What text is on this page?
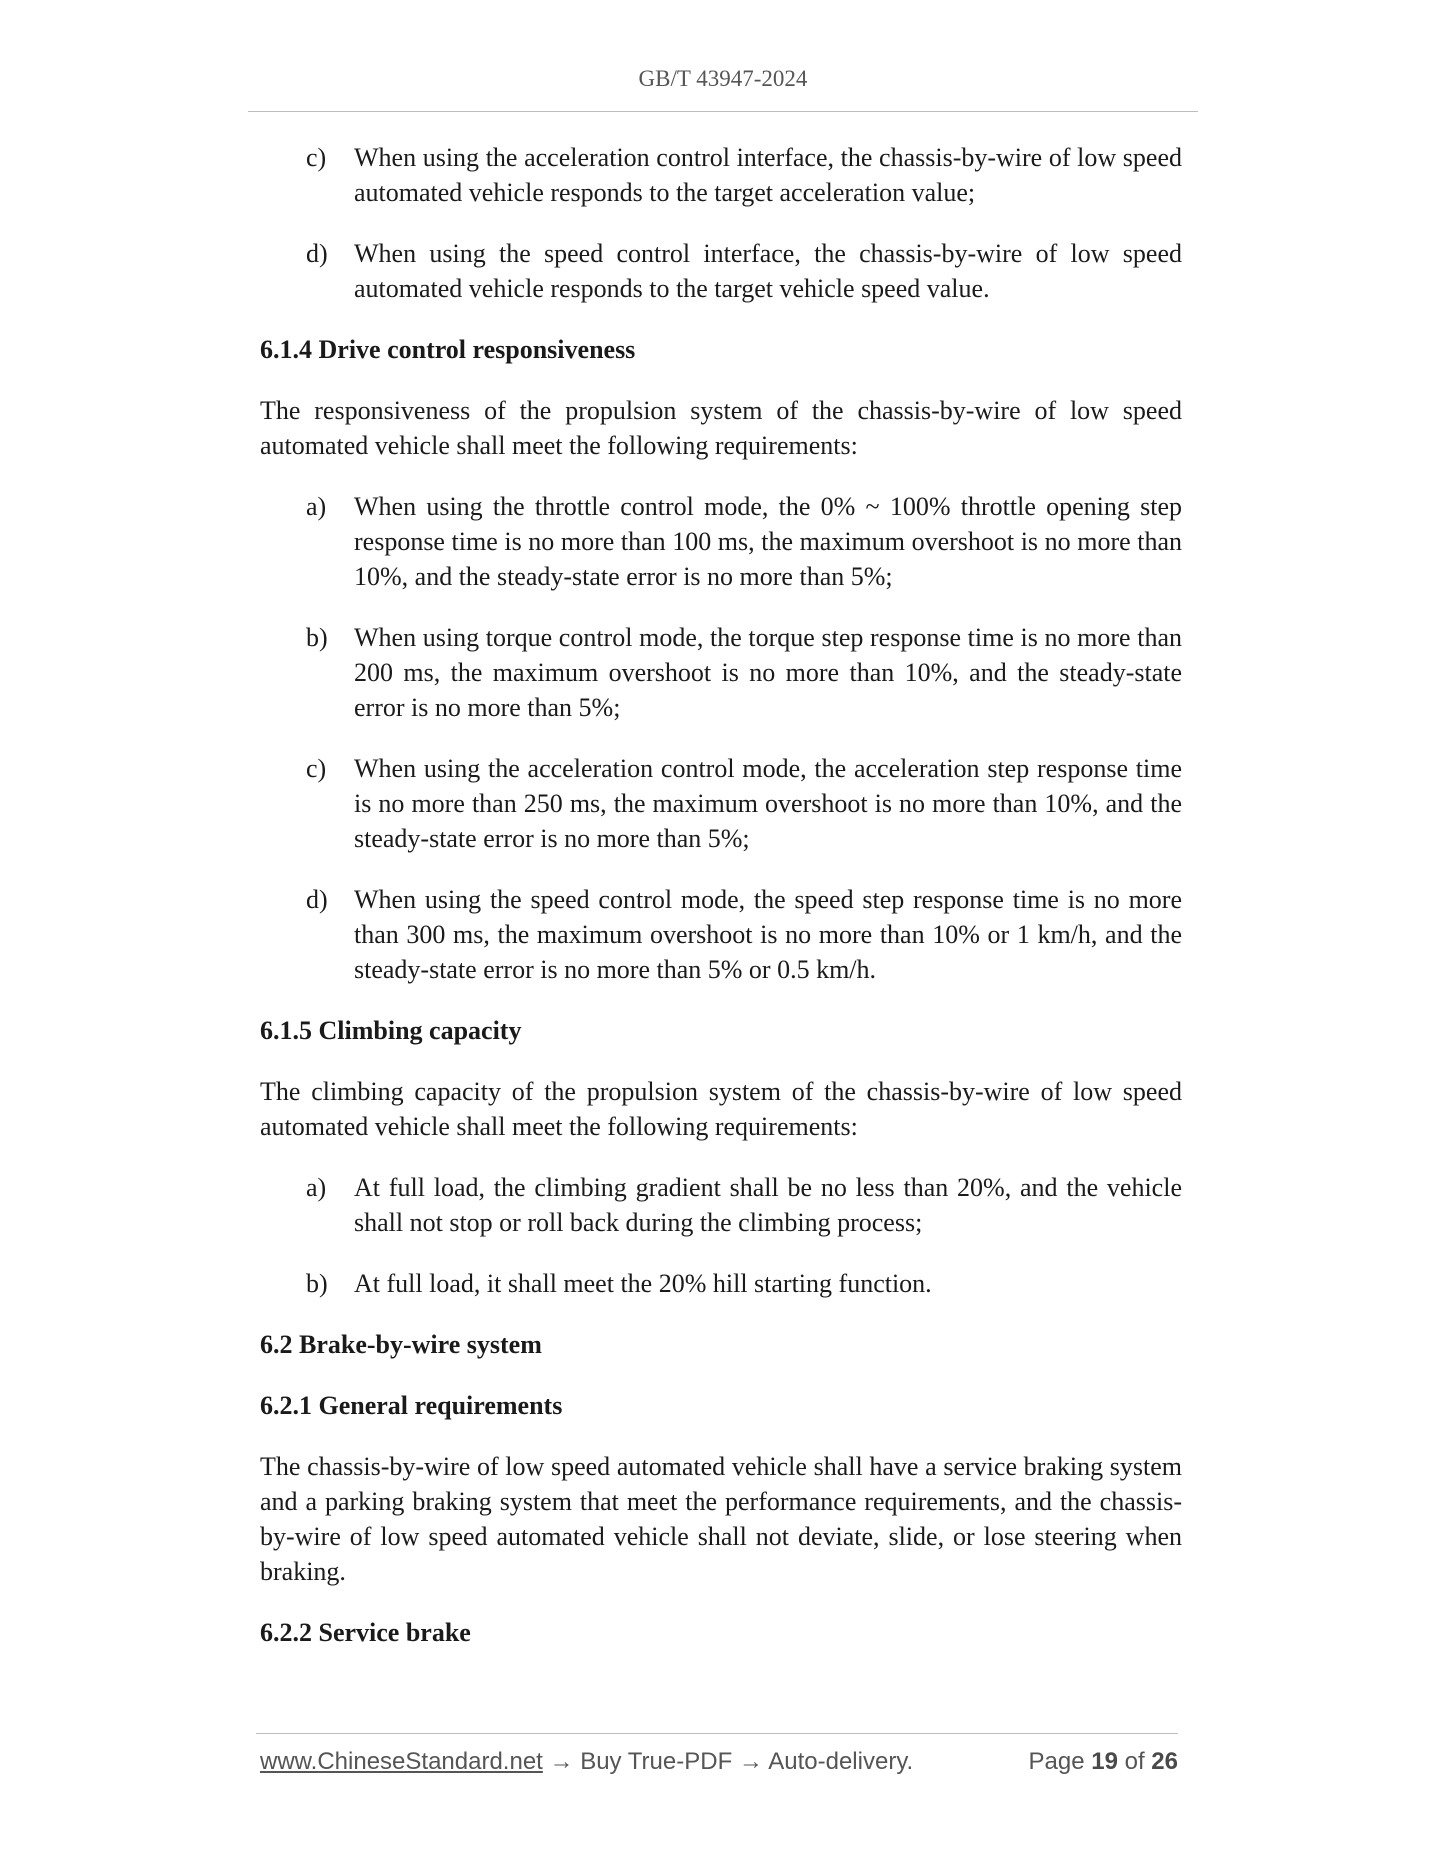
GB/T 43947-2024
c)	When using the acceleration control interface, the chassis-by-wire of low speed automated vehicle responds to the target acceleration value;
d)	When using the speed control interface, the chassis-by-wire of low speed automated vehicle responds to the target vehicle speed value.
6.1.4 Drive control responsiveness
The responsiveness of the propulsion system of the chassis-by-wire of low speed automated vehicle shall meet the following requirements:
a)	When using the throttle control mode, the 0% ~ 100% throttle opening step response time is no more than 100 ms, the maximum overshoot is no more than 10%, and the steady-state error is no more than 5%;
b)	When using torque control mode, the torque step response time is no more than 200 ms, the maximum overshoot is no more than 10%, and the steady-state error is no more than 5%;
c)	When using the acceleration control mode, the acceleration step response time is no more than 250 ms, the maximum overshoot is no more than 10%, and the steady-state error is no more than 5%;
d)	When using the speed control mode, the speed step response time is no more than 300 ms, the maximum overshoot is no more than 10% or 1 km/h, and the steady-state error is no more than 5% or 0.5 km/h.
6.1.5 Climbing capacity
The climbing capacity of the propulsion system of the chassis-by-wire of low speed automated vehicle shall meet the following requirements:
a)	At full load, the climbing gradient shall be no less than 20%, and the vehicle shall not stop or roll back during the climbing process;
b)	At full load, it shall meet the 20% hill starting function.
6.2 Brake-by-wire system
6.2.1 General requirements
The chassis-by-wire of low speed automated vehicle shall have a service braking system and a parking braking system that meet the performance requirements, and the chassis-by-wire of low speed automated vehicle shall not deviate, slide, or lose steering when braking.
6.2.2 Service brake
www.ChineseStandard.net → Buy True-PDF → Auto-delivery.	Page 19 of 26
